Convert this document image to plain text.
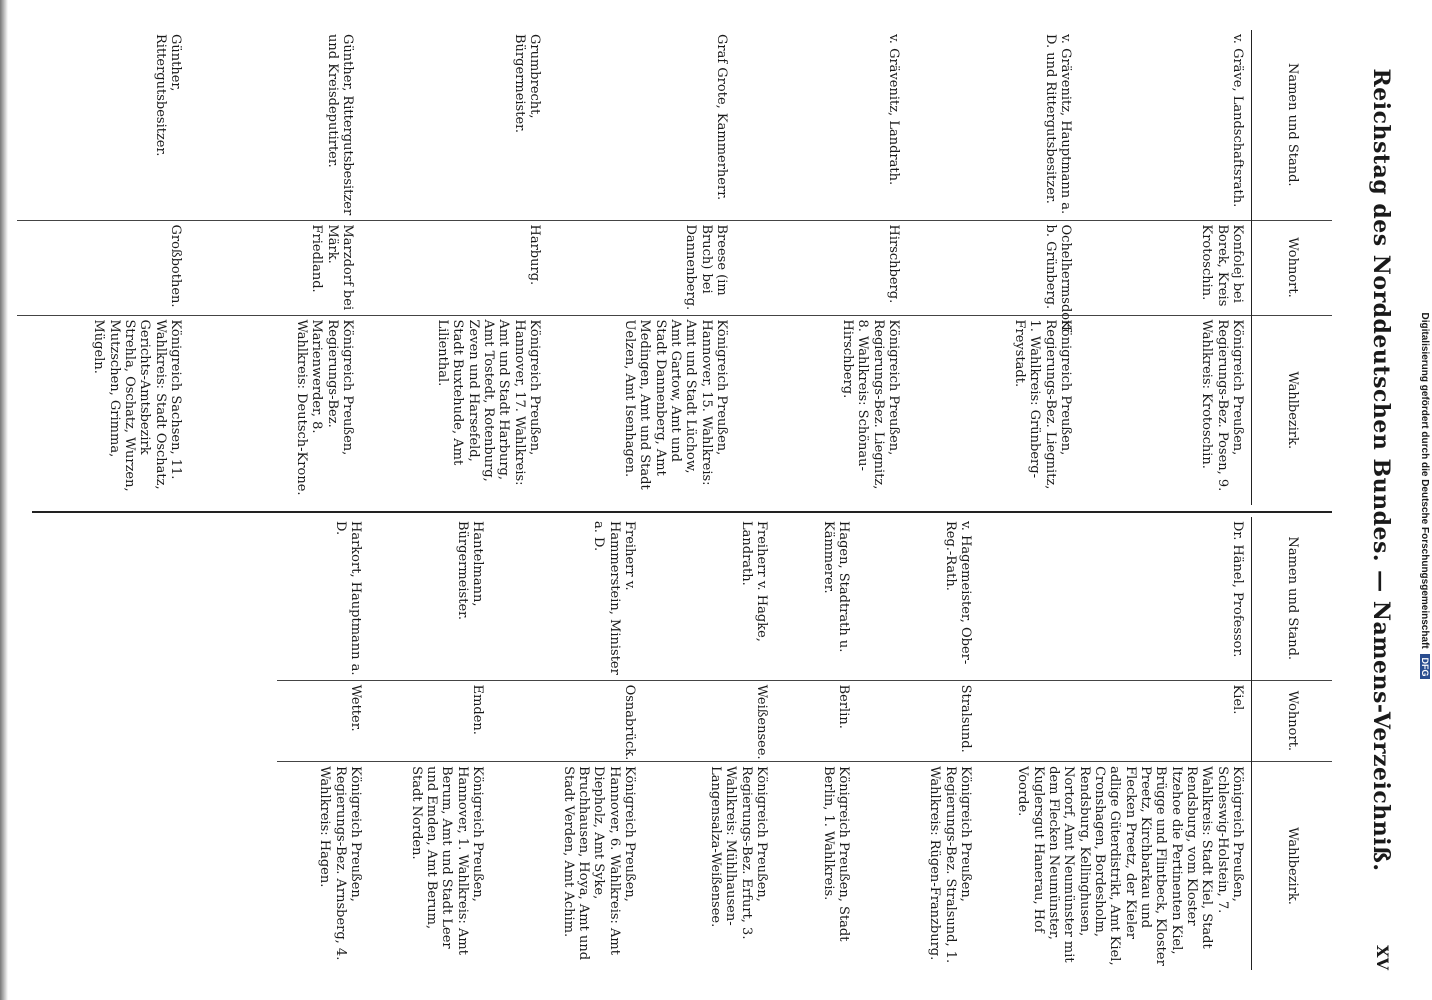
Reichstag des Norddeutschen Bundes. — Namens-Verzeichniß.
XV
Namen und Stand.	Wohnort.	Wahlbezirk.
v. Gräve, Landschaftsrath.	Konfolej bei Borek, Kreis Krotoschin.	Königreich Preußen, Regierungs-Bez. Posen, 9. Wahlkreis: Krotoschin.
v. Grävenitz, Hauptmann a. D. und Rittergutsbesitzer.	Ochelhermsdorf b. Grünberg.	Königreich Preußen, Regierungs-Bez. Liegnitz, 1. Wahlkreis: Grünberg-Freystadt.
v. Grävenitz, Landrath.	Hirschberg.	Königreich Preußen, Regierungs-Bez. Liegnitz, 8. Wahlkreis: Schönau-Hirschberg.
Graf Grote, Kammerherr.	Breese (im Bruch) bei Dannenberg.	Königreich Preußen, Hannover, 15. Wahlkreis: Amt und Stadt Lüchow, Amt Gartow, Amt und Stadt Dannenberg, Amt Medingen, Amt und Stadt Uelzen, Amt Isenhagen.
Grumbrecht, Bürgermeister.	Harburg.	Königreich Preußen, Hannover, 17. Wahlkreis: Amt und Stadt Harburg, Amt Tostedt, Rotenburg, Zeven und Harsefeld, Stadt Buxtehude, Amt Lilienthal.
Günther, Rittergutsbesitzer und Kreisdeputirter.	Marzdorf bei Märk. Friedland.	Königreich Preußen, Regierungs-Bez. Marienwerder, 8. Wahlkreis: Deutsch-Krone.
Günther, Rittergutsbesitzer.	Großbothen.	Königreich Sachsen, 11. Wahlkreis: Stadt Oschatz, Gerichts-Amtsbezirk Strehla, Oschatz, Wurzen, Mutzschen, Grimma, Mügeln.
Namen und Stand.	Wohnort.	Wahlbezirk.
Dr. Hänel, Professor.	Kiel.	Königreich Preußen, Schleswig-Holstein, 7. Wahlkreis: Stadt Kiel, Stadt Rendsburg, vom Kloster Itzehoe die Pertinenten Kiel, Brügge und Flintbeck, Kloster Preetz, Kirchbarkau und Flecken Preetz, der Kieler adlige Güterdistrikt, Amt Kiel, Cronshagen, Bordesholm, Rendsburg, Kellinghusen, Nortorf, Amt Neumünster mit dem Flecken Neumünster, Kuglersgut Hanerau, Hof Voorde.
v. Hagemeister, Ober-Reg.-Rath.	Stralsund.	Königreich Preußen, Regierungs-Bez. Stralsund, 1. Wahlkreis: Rügen-Franzburg.
Hagen, Stadtrath u. Kämmerer.	Berlin.	Königreich Preußen, Stadt Berlin, 1. Wahlkreis.
Freiherr v. Hagke, Landrath.	Weißensee.	Königreich Preußen, Regierungs-Bez. Erfurt, 3. Wahlkreis: Mühlhausen-Langensalza-Weißensee.
Freiherr v. Hammerstein, Minister a. D.	Osnabrück.	Königreich Preußen, Hannover, 6. Wahlkreis: Amt Diepholz, Amt Syke, Bruchhausen, Hoya, Amt und Stadt Verden, Amt Achim.
Hantelmann, Bürgermeister.	Emden.	Königreich Preußen, Hannover, 1. Wahlkreis: Amt Berum, Amt und Stadt Leer und Emden, Amt Berum, Stadt Norden.
Harkort, Hauptmann a. D.	Wetter.	Königreich Preußen, Regierungs-Bez. Arnsberg, 4. Wahlkreis: Hagen.
Digitalisierung gefördert durch die Deutsche Forschungsgemeinschaft DFG
